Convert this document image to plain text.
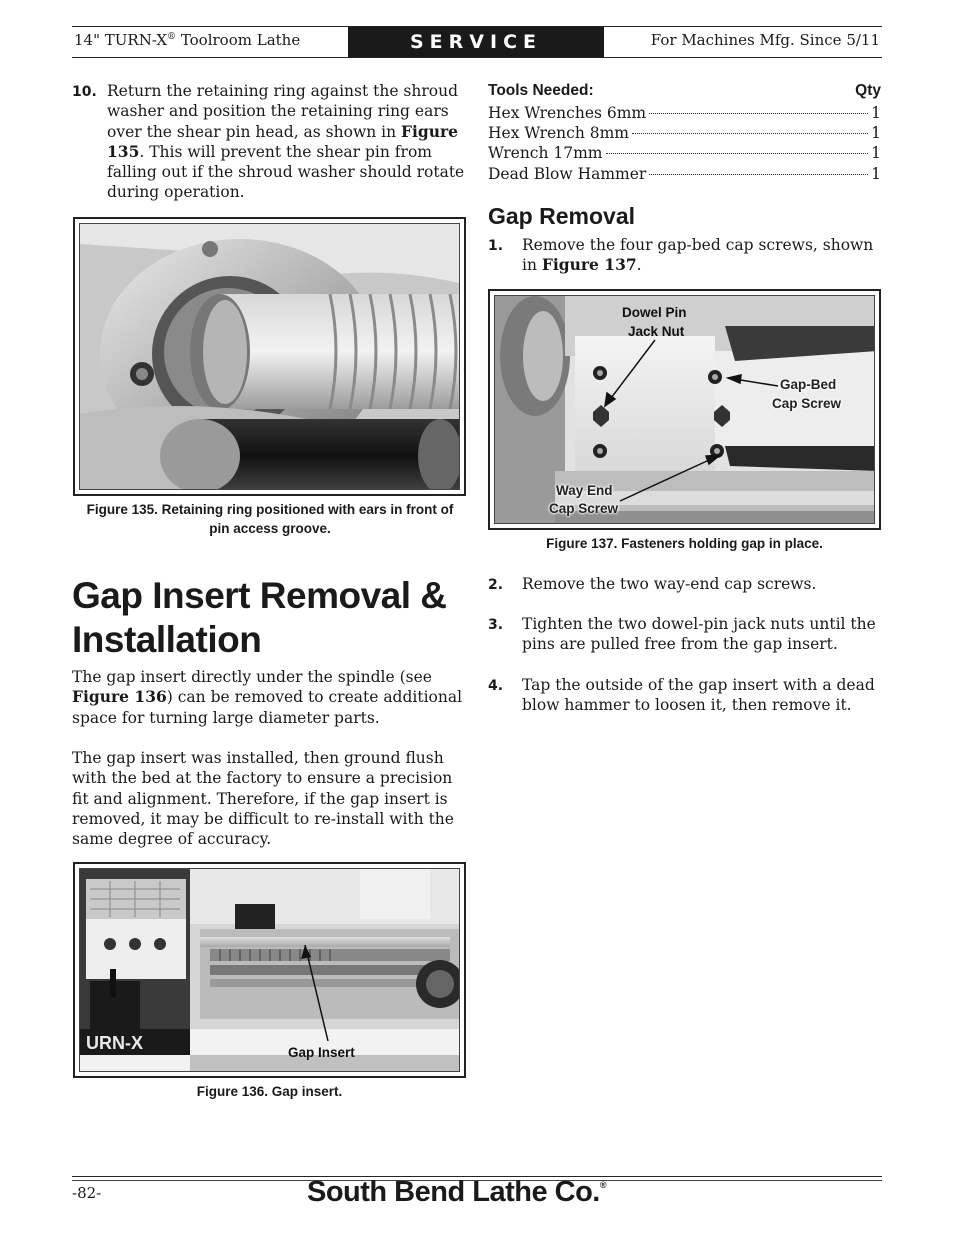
14" TURN-X® Toolroom Lathe	SERVICE	For Machines Mfg. Since 5/11
10. Return the retaining ring against the shroud washer and position the retaining ring ears over the shear pin head, as shown in Figure 135. This will prevent the shear pin from falling out if the shroud washer should rotate during operation.
Figure 135. Retaining ring positioned with ears in front of pin access groove.
Gap Insert Removal & Installation
The gap insert directly under the spindle (see Figure 136) can be removed to create additional space for turning large diameter parts.
The gap insert was installed, then ground flush with the bed at the factory to ensure a precision fit and alignment. Therefore, if the gap insert is removed, it may be difficult to re-install with the same degree of accuracy.
URN-X	Gap Insert
Figure 136. Gap insert.
Tools Needed:	Qty
Hex Wrenches 6mm	1
Hex Wrench 8mm	1
Wrench 17mm	1
Dead Blow Hammer	1
Gap Removal
1. Remove the four gap-bed cap screws, shown in Figure 137.
Dowel Pin
Jack Nut
Gap-Bed
Cap Screw
Way End
Cap Screw
Figure 137. Fasteners holding gap in place.
2. Remove the two way-end cap screws.
3. Tighten the two dowel-pin jack nuts until the pins are pulled free from the gap insert.
4. Tap the outside of the gap insert with a dead blow hammer to loosen it, then remove it.
-82-	South Bend Lathe Co.®
